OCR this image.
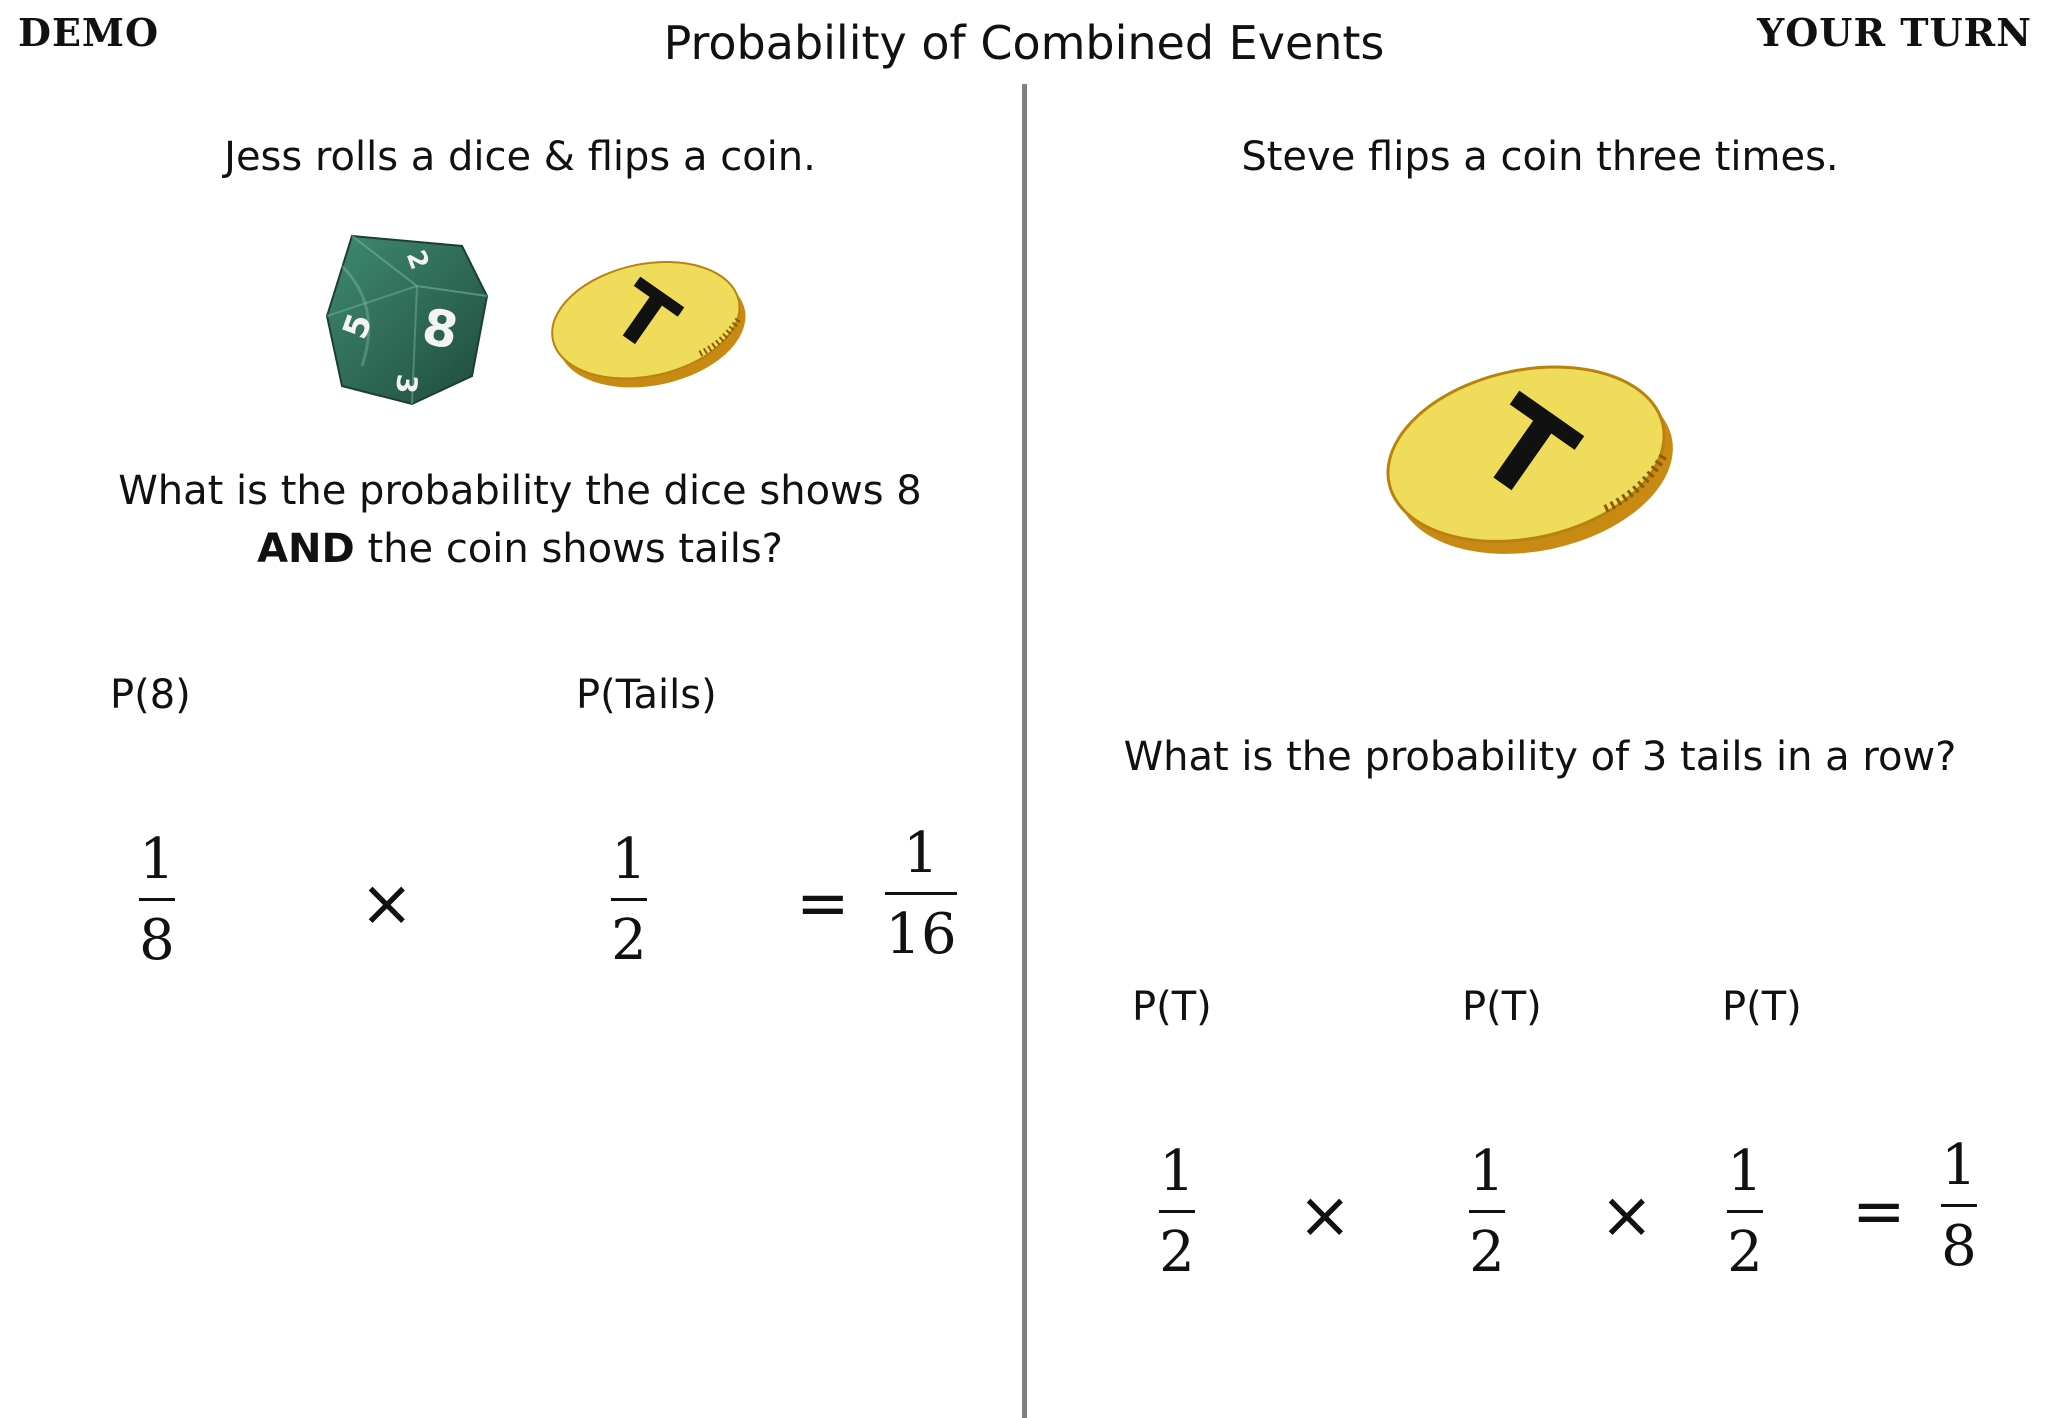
DEMO	Probability of Combined Events	YOUR TURN
Jess rolls a dice & flips a coin.
2
8
5
3
T
What is the probability the dice shows 8
AND the coin shows tails?
P(8)	P(Tails)
1
8	×
1
2	=
1
16
Steve flips a coin three times.
T
What is the probability of 3 tails in a row?
P(T)	P(T)	P(T)
1
2	×
1
2	×
1
2
=
1
8
